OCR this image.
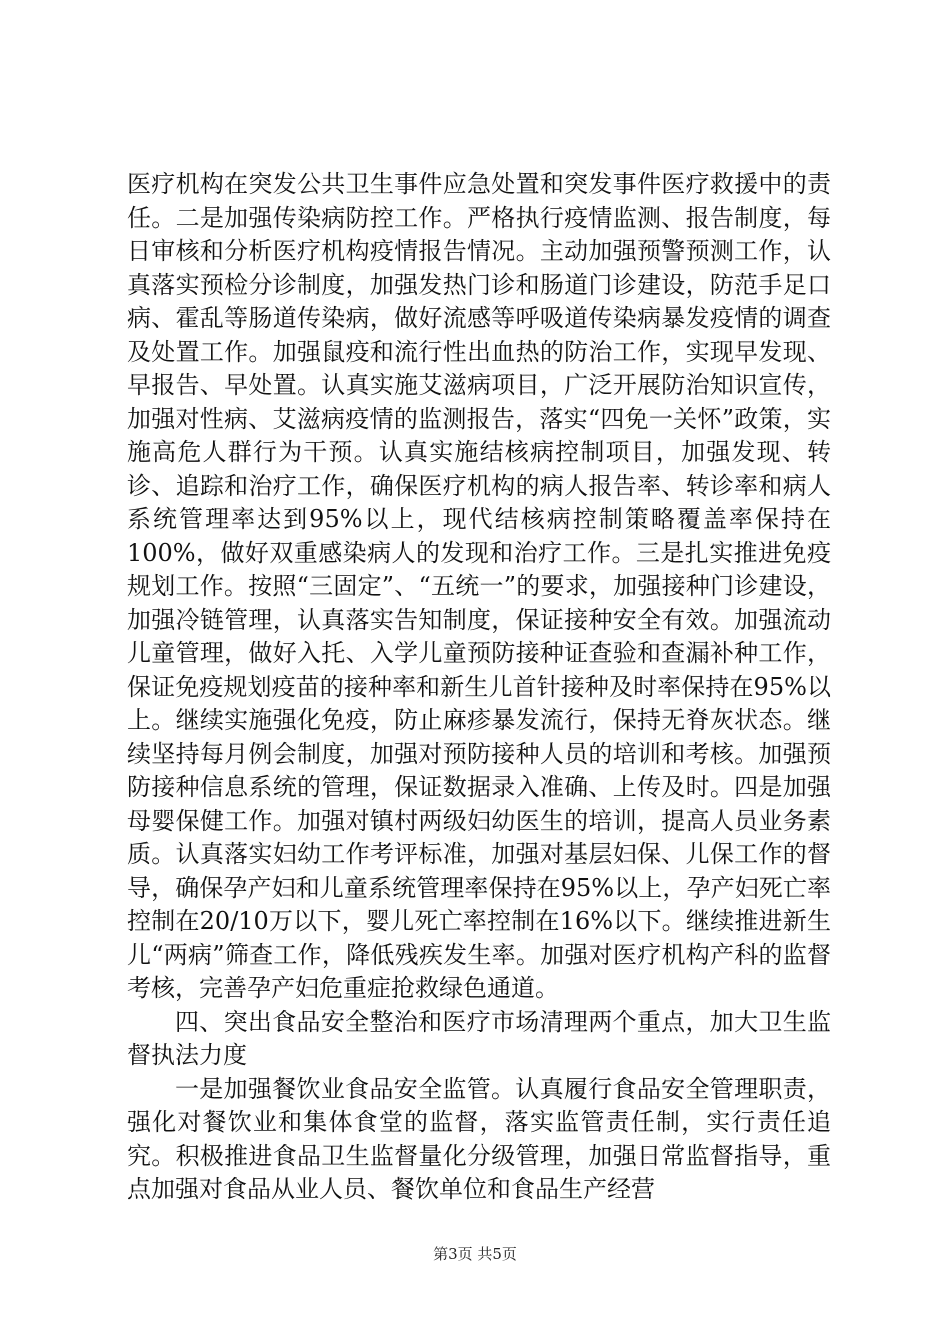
医疗机构在突发公共卫生事件应急处置和突发事件医疗救援中的责任。二是加强传染病防控工作。严格执行疫情监测、报告制度，每日审核和分析医疗机构疫情报告情况。主动加强预警预测工作，认真落实预检分诊制度，加强发热门诊和肠道门诊建设，防范手足口病、霍乱等肠道传染病，做好流感等呼吸道传染病暴发疫情的调查及处置工作。加强鼠疫和流行性出血热的防治工作，实现早发现、早报告、早处置。认真实施艾滋病项目，广泛开展防治知识宣传，加强对性病、艾滋病疫情的监测报告，落实“四免一关怀”政策，实施高危人群行为干预。认真实施结核病控制项目，加强发现、转诊、追踪和治疗工作，确保医疗机构的病人报告率、转诊率和病人系统管理率达到95%以上，现代结核病控制策略覆盖率保持在100%，做好双重感染病人的发现和治疗工作。三是扎实推进免疫规划工作。按照“三固定”、“五统一”的要求，加强接种门诊建设，加强冷链管理，认真落实告知制度，保证接种安全有效。加强流动儿童管理，做好入托、入学儿童预防接种证查验和查漏补种工作，保证免疫规划疫苗的接种率和新生儿首针接种及时率保持在95%以上。继续实施强化免疫，防止麻疹暴发流行，保持无脊灰状态。继续坚持每月例会制度，加强对预防接种人员的培训和考核。加强预防接种信息系统的管理，保证数据录入准确、上传及时。四是加强母婴保健工作。加强对镇村两级妇幼医生的培训，提高人员业务素质。认真落实妇幼工作考评标准，加强对基层妇保、儿保工作的督导，确保孕产妇和儿童系统管理率保持在95%以上，孕产妇死亡率控制在20/10万以下，婴儿死亡率控制在16%以下。继续推进新生儿“两病”筛查工作，降低残疾发生率。加强对医疗机构产科的监督考核，完善孕产妇危重症抢救绿色通道。

四、突出食品安全整治和医疗市场清理两个重点，加大卫生监督执法力度

一是加强餐饮业食品安全监管。认真履行食品安全管理职责，强化对餐饮业和集体食堂的监督，落实监管责任制，实行责任追究。积极推进食品卫生监督量化分级管理，加强日常监督指导，重点加强对食品从业人员、餐饮单位和食品生产经营

第3页 共5页
